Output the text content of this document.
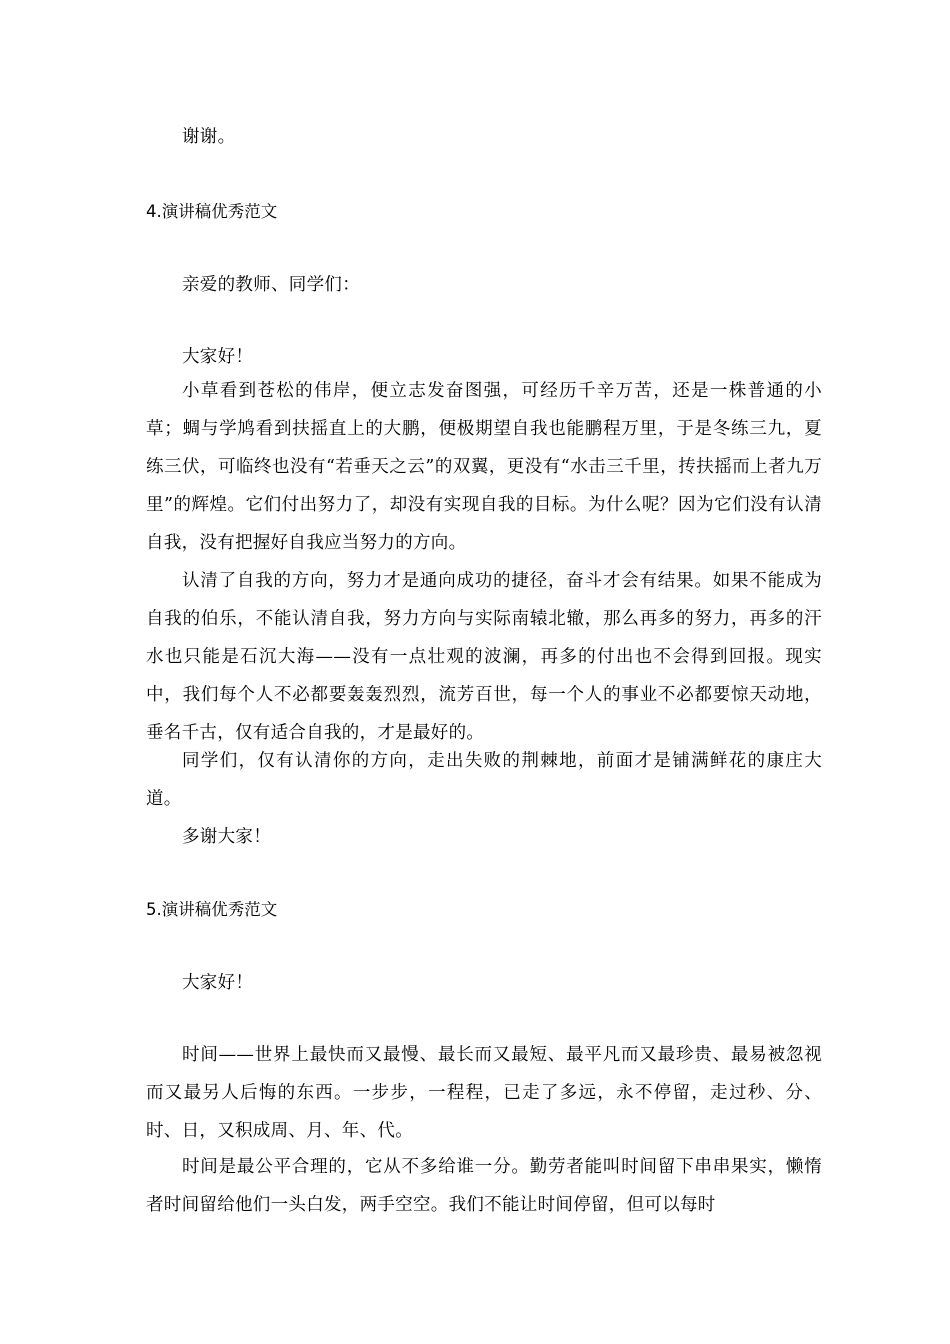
谢谢。

4.演讲稿优秀范文

亲爱的教师、同学们：

大家好！

小草看到苍松的伟岸，便立志发奋图强，可经历千辛万苦，还是一株普通的小草；蜩与学鸠看到扶摇直上的大鹏，便极期望自我也能鹏程万里，于是冬练三九，夏练三伏，可临终也没有“若垂天之云”的双翼，更没有“水击三千里，抟扶摇而上者九万里”的辉煌。它们付出努力了，却没有实现自我的目标。为什么呢？因为它们没有认清自我，没有把握好自我应当努力的方向。

认清了自我的方向，努力才是通向成功的捷径，奋斗才会有结果。如果不能成为自我的伯乐，不能认清自我，努力方向与实际南辕北辙，那么再多的努力，再多的汗水也只能是石沉大海——没有一点壮观的波澜，再多的付出也不会得到回报。现实中，我们每个人不必都要轰轰烈烈，流芳百世，每一个人的事业不必都要惊天动地，垂名千古，仅有适合自我的，才是最好的。

同学们，仅有认清你的方向，走出失败的荆棘地，前面才是铺满鲜花的康庄大道。

多谢大家！

5.演讲稿优秀范文

大家好！

时间——世界上最快而又最慢、最长而又最短、最平凡而又最珍贵、最易被忽视而又最另人后悔的东西。一步步，一程程，已走了多远，永不停留，走过秒、分、时、日，又积成周、月、年、代。

时间是最公平合理的，它从不多给谁一分。勤劳者能叫时间留下串串果实，懒惰者时间留给他们一头白发，两手空空。我们不能让时间停留，但可以每时
